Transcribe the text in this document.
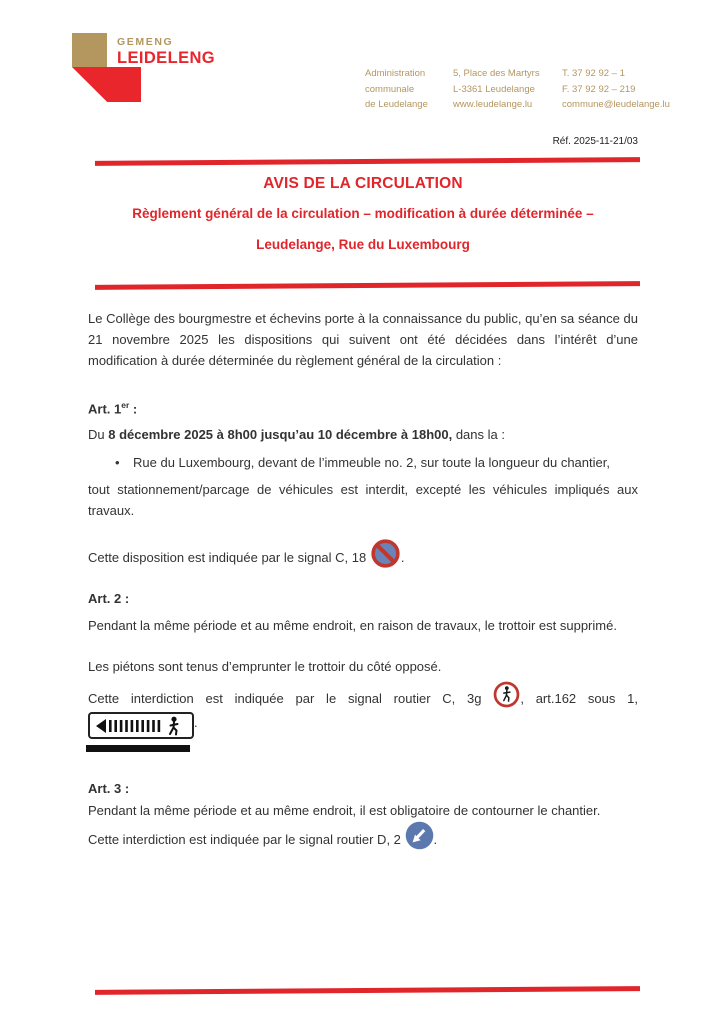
GEMENG
LEIDELENG
Administration
communale
de Leudelange
5, Place des Martyrs
L-3361 Leudelange
www.leudelange.lu
T. 37 92 92 – 1
F. 37 92 92 – 219
commune@leudelange.lu
Réf. 2025-11-21/03
AVIS DE LA CIRCULATION
Règlement général de la circulation – modification à durée déterminée –
Leudelange, Rue du Luxembourg

Le Collège des bourgmestre et échevins porte à la connaissance du public, qu’en sa séance du 21 novembre 2025 les dispositions qui suivent ont été décidées dans l’intérêt d’une modification à durée déterminée du règlement général de la circulation :

Art. 1er :

Du 8 décembre 2025 à 8h00 jusqu’au 10 décembre à 18h00, dans la :

•	Rue du Luxembourg, devant de l’immeuble no. 2, sur toute la longueur du chantier,

tout stationnement/parcage de véhicules est interdit, excepté les véhicules impliqués aux travaux.

Cette disposition est indiquée par le signal C, 18	.

Art. 2 :

Pendant la même période et au même endroit, en raison de travaux, le trottoir est supprimé.

Les piétons sont tenus d’emprunter le trottoir du côté opposé.

Cette interdiction est indiquée par le signal routier C, 3g	, art.162 sous 1,

.

Art. 3 :

Pendant la même période et au même endroit, il est obligatoire de contourner le chantier.

Cette interdiction est indiquée par le signal routier D, 2	.
